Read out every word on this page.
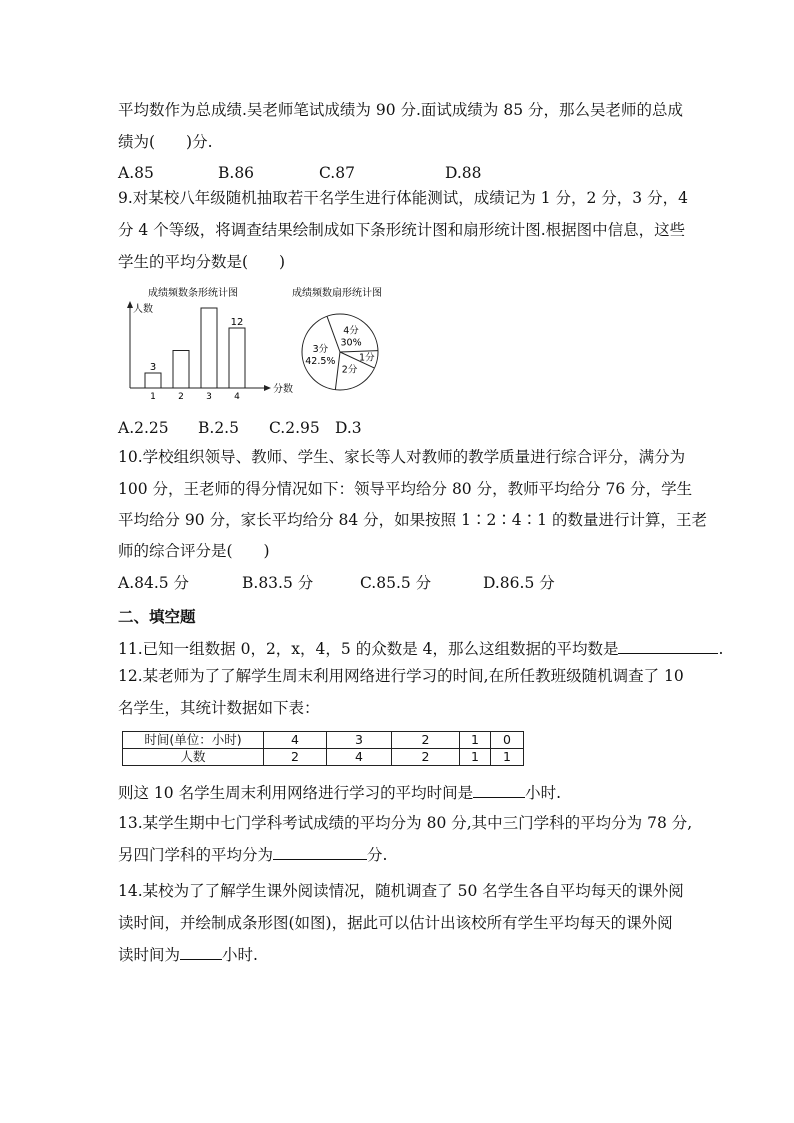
平均数作为总成绩.吴老师笔试成绩为 90 分.面试成绩为 85 分，那么吴老师的总成
绩为(　　)分.
A.85	B.86	C.87	D.88
9.对某校八年级随机抽取若干名学生进行体能测试，成绩记为 1 分，2 分，3 分，4
分 4 个等级，将调查结果绘制成如下条形统计图和扇形统计图.根据图中信息，这些
学生的平均分数是(　　)
成绩频数条形统计图
人数
分数
1
3
2 3 4
12
成绩频数扇形统计图
4分
30%
1分
2分
3分
42.5%
A.2.25 B.2.5 C.2.95 D.3
10.学校组织领导、教师、学生、家长等人对教师的教学质量进行综合评分，满分为
100 分，王老师的得分情况如下：领导平均给分 80 分，教师平均给分 76 分，学生
平均给分 90 分，家长平均给分 84 分，如果按照 1∶2∶4∶1 的数量进行计算，王老
师的综合评分是(　　)
A.84.5 分	B.83.5 分	C.85.5 分	D.86.5 分
二、填空题
11.已知一组数据 0，2，x，4，5 的众数是 4，那么这组数据的平均数是	.
12.某老师为了了解学生周末利用网络进行学习的时间,在所任教班级随机调查了 10
名学生，其统计数据如下表：
时间(单位：小时)	4	3	2	1	0
人数	2	4	2	1	1
则这 10 名学生周末利用网络进行学习的平均时间是	小时.
13.某学生期中七门学科考试成绩的平均分为 80 分,其中三门学科的平均分为 78 分,
另四门学科的平均分为	分.
14.某校为了了解学生课外阅读情况，随机调查了 50 名学生各自平均每天的课外阅
读时间，并绘制成条形图(如图)，据此可以估计出该校所有学生平均每天的课外阅
读时间为	小时.
